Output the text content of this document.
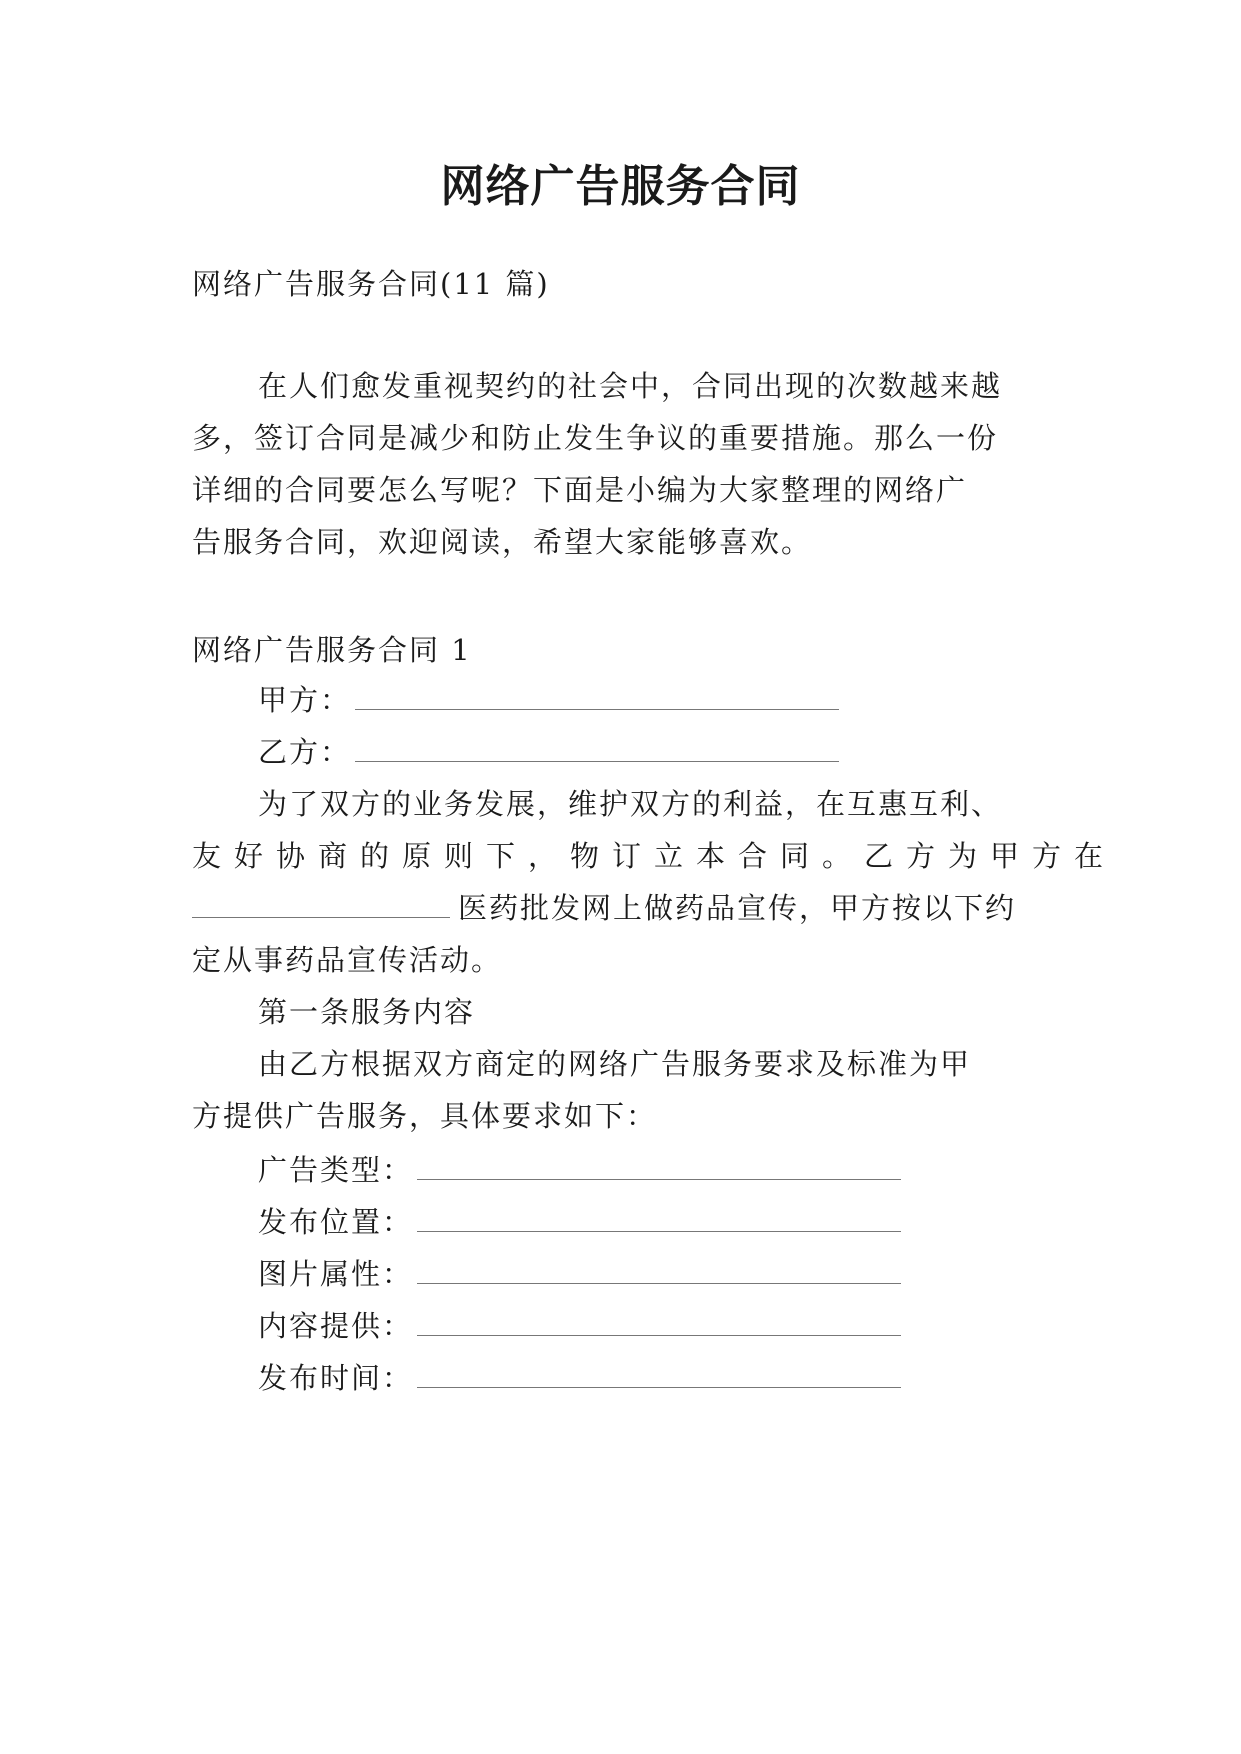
网络广告服务合同
网络广告服务合同(11 篇)
在人们愈发重视契约的社会中，合同出现的次数越来越
多，签订合同是减少和防止发生争议的重要措施。那么一份
详细的合同要怎么写呢？下面是小编为大家整理的网络广
告服务合同，欢迎阅读，希望大家能够喜欢。
网络广告服务合同 1
甲方：
乙方：
为了双方的业务发展，维护双方的利益，在互惠互利、
友好协商的原则下，物订立本合同。乙方为甲方在
医药批发网上做药品宣传，甲方按以下约
定从事药品宣传活动。
第一条服务内容
由乙方根据双方商定的网络广告服务要求及标准为甲
方提供广告服务，具体要求如下：
广告类型：
发布位置：
图片属性：
内容提供：
发布时间：
